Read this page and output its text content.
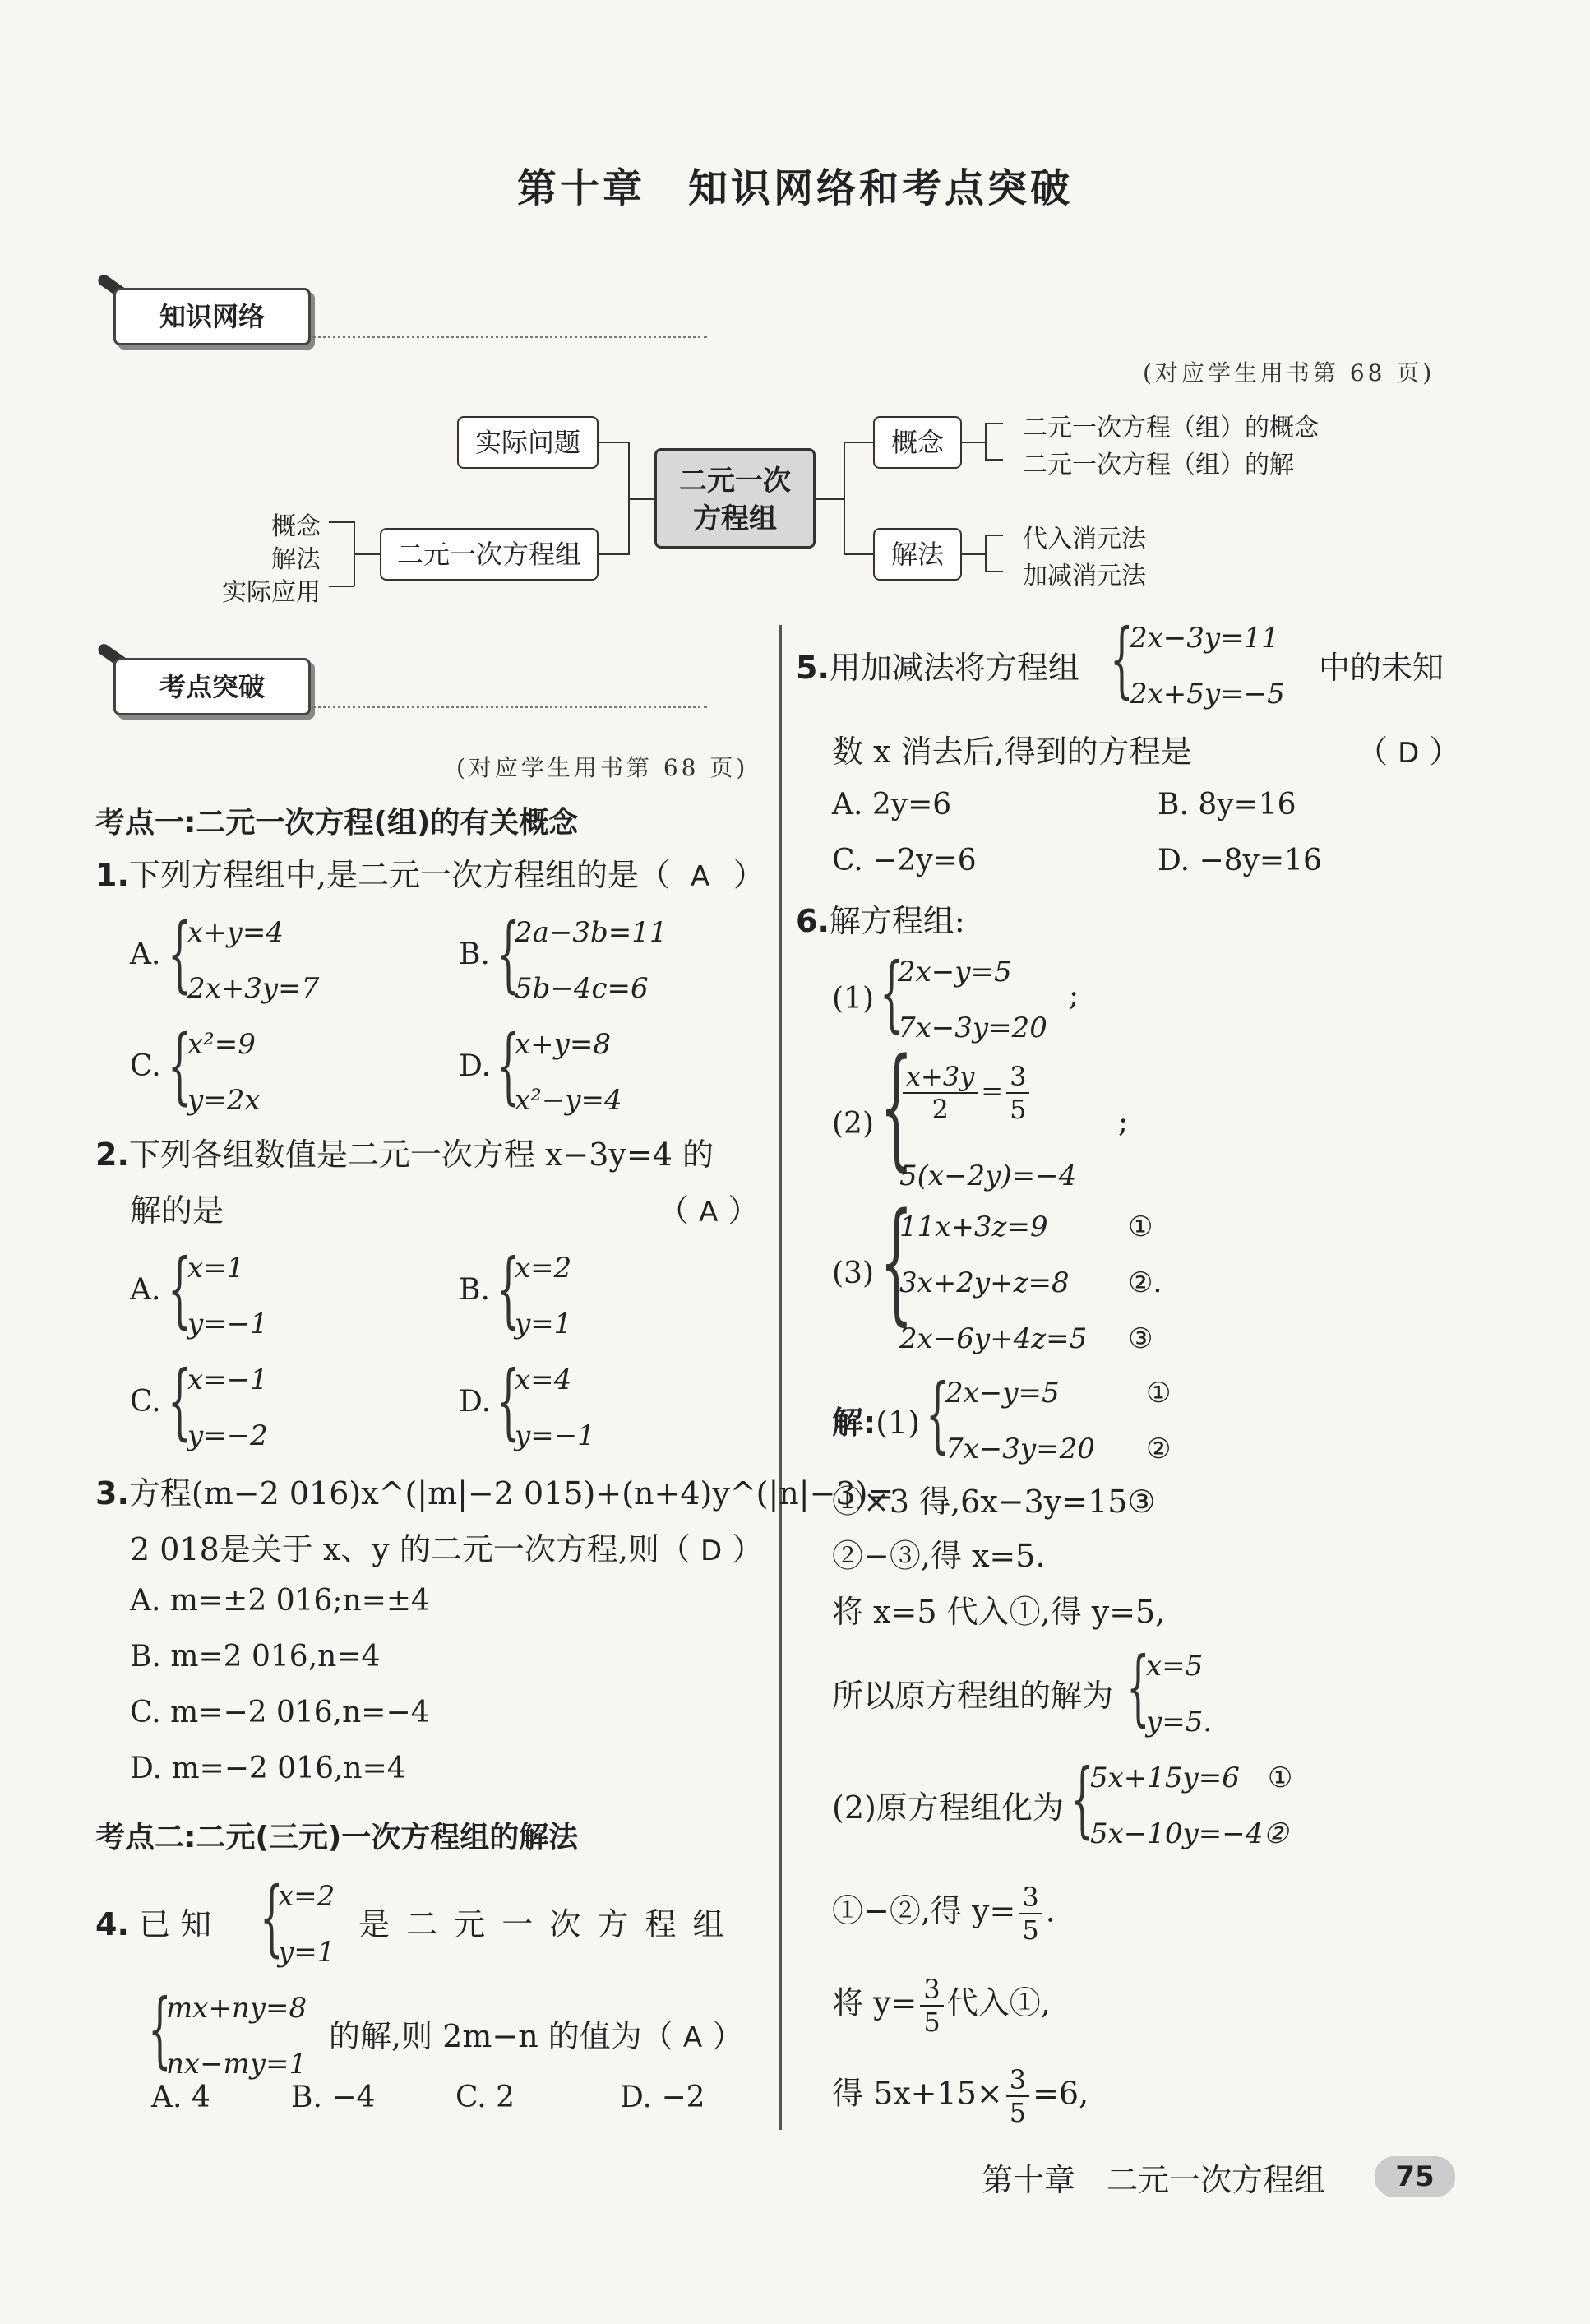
第十章　知识网络和考点突破
知识网络
(对应学生用书第 68 页)
二元一次
方程组
实际问题
二元一次方程组
概念
解法
二元一次方程（组）的概念
二元一次方程（组）的解
代入消元法
加减消元法
概念
解法
实际应用
考点突破
(对应学生用书第 68 页)
考点一:二元一次方程(组)的有关概念
1.下列方程组中,是二元一次方程组的是（ A ）
A. {
x+y=4
2x+3y=7
B. {
2a−3b=11
5b−4c=6
C. {
x²=9
y=2x
D. {
x+y=8
x²−y=4
2.下列各组数值是二元一次方程 x−3y=4 的
解的是	（ A ）
A. {
x=1
y=−1
B. {
x=2
y=1
C. {
x=−1
y=−2
D. {
x=4
y=−1
3.方程(m−2 016)x^(|m|−2 015)+(n+4)y^(|n|−3)=
2 018是关于 x、y 的二元一次方程,则（ D ）
A. m=±2 016;n=±4
B. m=2 016,n=4
C. m=−2 016,n=−4
D. m=−2 016,n=4
考点二:二元(三元)一次方程组的解法
4. 已 知 {
x=2
y=1
是 二 元 一 次 方 程 组
{
mx+ny=8
nx−my=1
的解,则 2m−n 的值为（ A ）
A. 4	B. −4	C. 2	D. −2
5.用加减法将方程组 {
2x−3y=11
2x+5y=−5
中的未知
数 x 消去后,得到的方程是	（ D ）
A. 2y=6	B. 8y=16
C. −2y=6	D. −8y=16
6.解方程组:
(1) {
2x−y=5
7x−3y=20
;
(2) {
$\frac{x+3y}{2} = \frac{3}{5}$
5(x−2y)=−4
;
(3) {
11x+3z=9
3x+2y+z=8
2x−6y+4z=5
①
②.
③
解:(1) {
2x−y=5
7x−3y=20
①
②
①×3 得,6x−3y=15③
②−③,得 x=5.
将 x=5 代入①,得 y=5,
所以原方程组的解为 {
x=5
y=5.
(2)原方程组化为 {
5x+15y=6　 ①
5x−10y=−4②
①−②,得 $y= \frac{3}{5}$ .
将 $y= \frac{3}{5}$ 代入①,
得 $5x+15\times \frac{3}{5} =6$,
第十章　二元一次方程组	75
